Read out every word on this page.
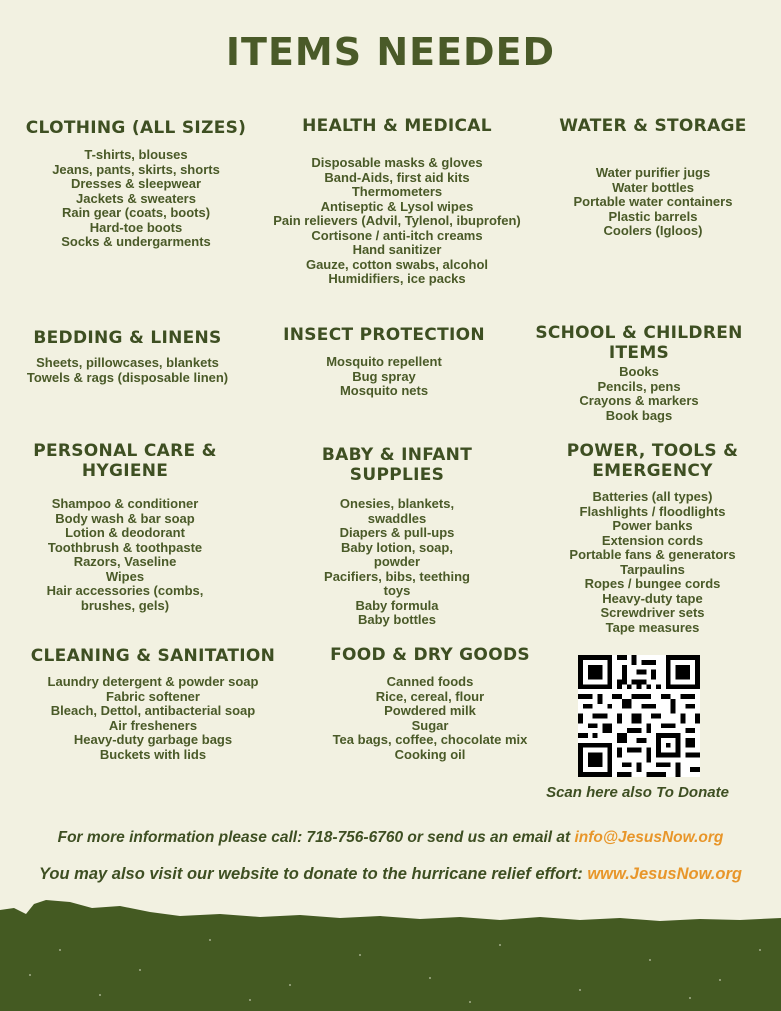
ITEMS NEEDED
CLOTHING (ALL SIZES)
T-shirts, blouses
Jeans, pants, skirts, shorts
Dresses & sleepwear
Jackets & sweaters
Rain gear (coats, boots)
Hard-toe boots
Socks & undergarments
HEALTH & MEDICAL
Disposable masks & gloves
Band-Aids, first aid kits
Thermometers
Antiseptic & Lysol wipes
Pain relievers (Advil, Tylenol, ibuprofen)
Cortisone / anti-itch creams
Hand sanitizer
Gauze, cotton swabs, alcohol
Humidifiers, ice packs
WATER & STORAGE
Water purifier jugs
Water bottles
Portable water containers
Plastic barrels
Coolers (Igloos)
BEDDING & LINENS
Sheets, pillowcases, blankets
Towels & rags (disposable linen)
INSECT PROTECTION
Mosquito repellent
Bug spray
Mosquito nets
SCHOOL & CHILDREN
ITEMS
Books
Pencils, pens
Crayons & markers
Book bags
PERSONAL CARE &
HYGIENE
Shampoo & conditioner
Body wash & bar soap
Lotion & deodorant
Toothbrush & toothpaste
Razors, Vaseline
Wipes
Hair accessories (combs,
brushes, gels)
BABY & INFANT
SUPPLIES
Onesies, blankets,
swaddles
Diapers & pull-ups
Baby lotion, soap,
powder
Pacifiers, bibs, teething
toys
Baby formula
Baby bottles
POWER, TOOLS &
EMERGENCY
Batteries (all types)
Flashlights / floodlights
Power banks
Extension cords
Portable fans & generators
Tarpaulins
Ropes / bungee cords
Heavy-duty tape
Screwdriver sets
Tape measures
CLEANING & SANITATION
Laundry detergent & powder soap
Fabric softener
Bleach, Dettol, antibacterial soap
Air fresheners
Heavy-duty garbage bags
Buckets with lids
FOOD & DRY GOODS
Canned foods
Rice, cereal, flour
Powdered milk
Sugar
Tea bags, coffee, chocolate mix
Cooking oil
Scan here also To Donate
For more information please call: 718-756-6760 or send us an email at info@JesusNow.org
You may also visit our website to donate to the hurricane relief effort: www.JesusNow.org
